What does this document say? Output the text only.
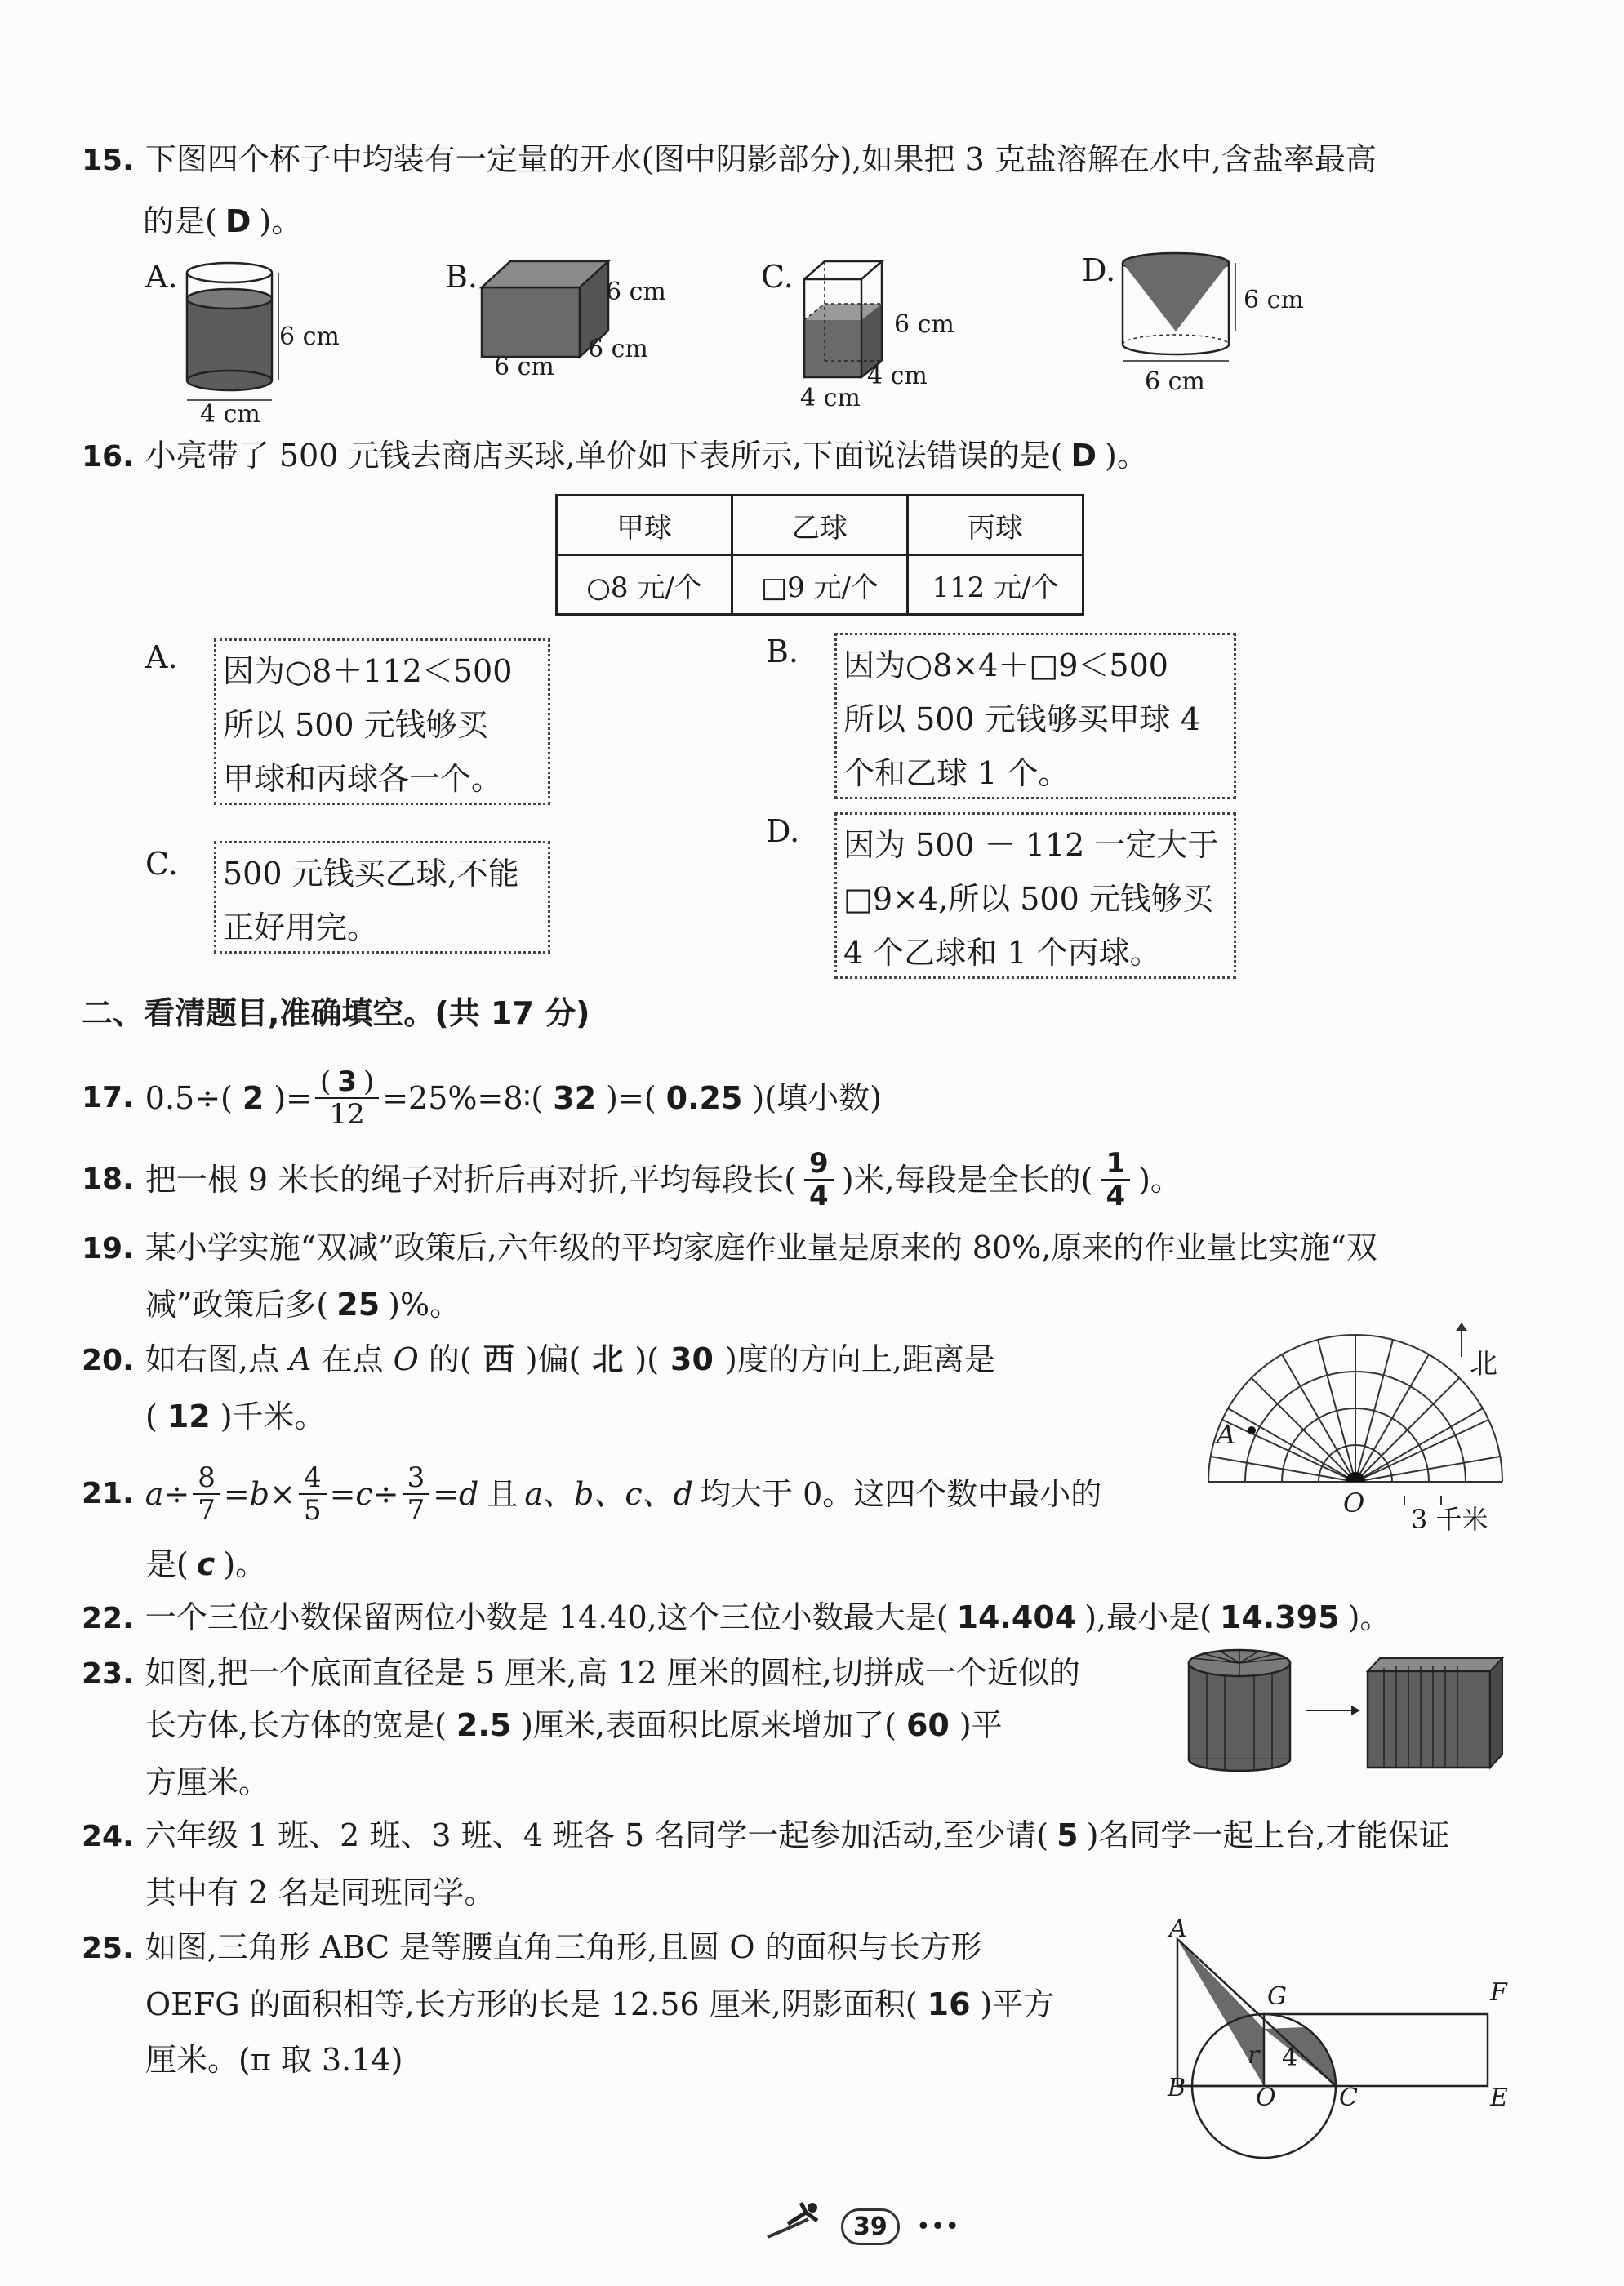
15. 下图四个杯子中均装有一定量的开水(图中阴影部分),如果把 3 克盐溶解在水中,含盐率最高
的是( D )。
A.
6 cm
4 cm
B.	6 cm
6 cm
6 cm
C.
6 cm
4 cm
4 cm
D.
6 cm
6 cm
16. 小亮带了 500 元钱去商店买球,单价如下表所示,下面说法错误的是( D )。
甲球	乙球	丙球
○8 元/个	□9 元/个	112 元/个
A. 因为○8＋112＜500
所以 500 元钱够买
甲球和丙球各一个。
B. 因为○8×4＋□9＜500
所以 500 元钱够买甲球 4
个和乙球 1 个。
C. 500 元钱买乙球,不能
正好用完。
D. 因为 500 － 112 一定大于
□9×4,所以 500 元钱够买
4 个乙球和 1 个丙球。
二、看清题目,准确填空。(共 17 分)
17. 0.5÷( 2 )= $\frac{( 3 )}{12}$ =25%=8∶( 32 )=( 0.25 )(填小数)
18. 把一根 9 米长的绳子对折后再对折,平均每段长( $\frac{9}{4}$ )米,每段是全长的( $\frac{1}{4}$ )。
19. 某小学实施“双减”政策后,六年级的平均家庭作业量是原来的 80%,原来的作业量比实施“双
减”政策后多( 25 )%。
20. 如右图,点 A 在点 O 的( 西 )偏( 北 )( 30 )度的方向上,距离是
( 12 )千米。
北
A
O
3 千米
21. $a \div \frac{8}{7} = b \times \frac{4}{5} = c \div \frac{3}{7} = d$ 且 a、b、c、d 均大于 0。这四个数中最小的
是( c )。
22. 一个三位小数保留两位小数是 14.40,这个三位小数最大是( 14.404 ),最小是( 14.395 )。
23. 如图,把一个底面直径是 5 厘米,高 12 厘米的圆柱,切拼成一个近似的
长方体,长方体的宽是( 2.5 )厘米,表面积比原来增加了( 60 )平
方厘米。
24. 六年级 1 班、2 班、3 班、4 班各 5 名同学一起参加活动,至少请( 5 )名同学一起上台,才能保证
其中有 2 名是同班同学。
25. 如图,三角形 ABC 是等腰直角三角形,且圆 O 的面积与长方形
OEFG 的面积相等,长方形的长是 12.56 厘米,阴影面积( 16 )平方
厘米。(π 取 3.14)
A
B	C
O	E
F
G
r 4
39	•••
